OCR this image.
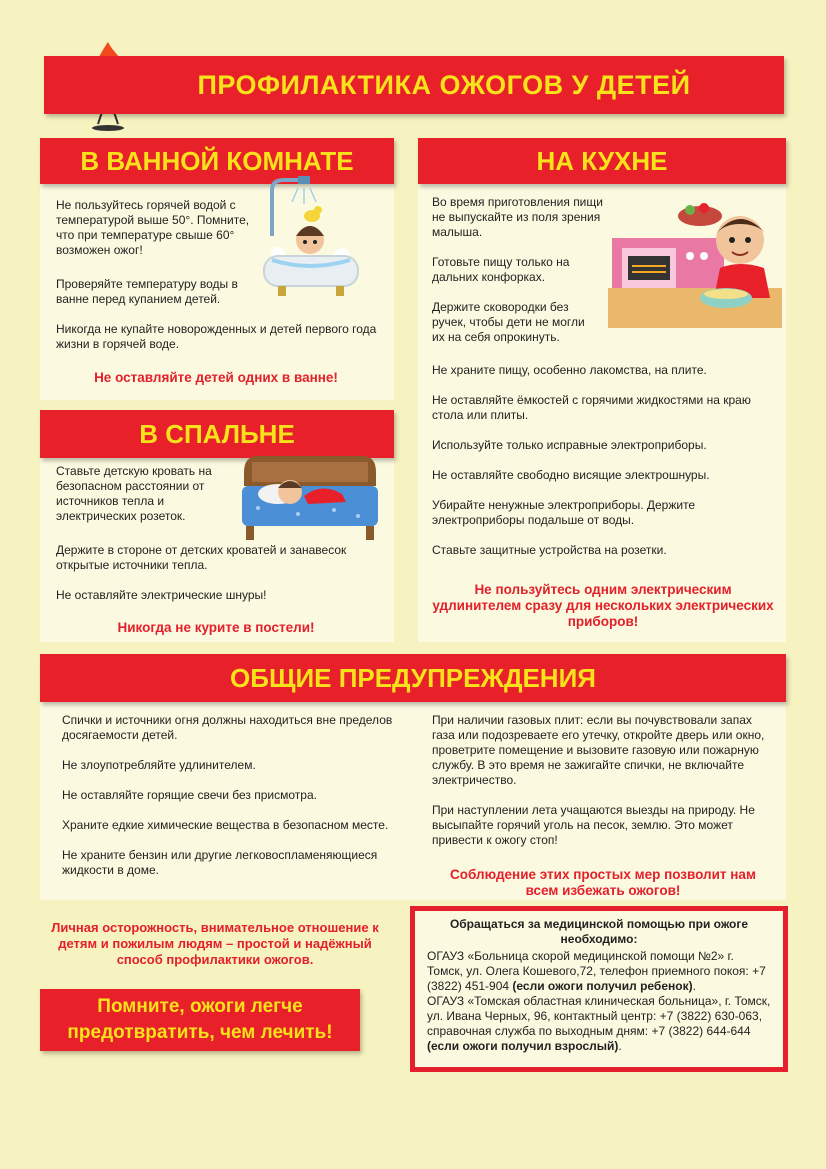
ПРОФИЛАКТИКА ОЖОГОВ У ДЕТЕЙ
В ВАННОЙ КОМНАТЕ

Не пользуйтесь горячей водой с температурой выше 50°. Помните, что при температуре свыше 60° возможен ожог!

Проверяйте температуру воды в ванне перед купанием детей.

Никогда не купайте новорожденных и детей первого года жизни в горячей воде.

Не оставляйте детей одних в ванне!
В СПАЛЬНЕ

Ставьте детскую кровать на безопасном расстоянии от источников тепла и электрических розеток.

Держите в стороне от детских кроватей и занавесок открытые источники тепла.

Не оставляйте электрические шнуры!

Никогда не курите в постели!
НА КУХНЕ

Во время приготовления пищи не выпускайте из поля зрения малыша.

Готовьте пищу только на дальних конфорках.

Держите сковородки без ручек, чтобы дети не могли их на себя опрокинуть.

Не храните пищу, особенно лакомства, на плите.

Не оставляйте ёмкостей с горячими жидкостями на краю стола или плиты.

Используйте только исправные электроприборы.

Не оставляйте свободно висящие электрошнуры.

Убирайте ненужные электроприборы. Держите электроприборы подальше от воды.

Ставьте защитные устройства на розетки.

Не пользуйтесь одним электрическим удлинителем сразу для нескольких электрических приборов!
ОБЩИЕ ПРЕДУПРЕЖДЕНИЯ

Спички и источники огня должны находиться вне пределов досягаемости детей.

Не злоупотребляйте удлинителем.

Не оставляйте горящие свечи без присмотра.

Храните едкие химические вещества в безопасном месте.

Не храните бензин или другие легковоспламеняющиеся жидкости в доме.

При наличии газовых плит: если вы почувствовали запах газа или подозреваете его утечку, откройте дверь или окно, проветрите помещение и вызовите газовую или пожарную службу. В это время не зажигайте спички, не включайте электричество.

При наступлении лета учащаются выезды на природу. Не высыпайте горячий уголь на песок, землю. Это может привести к ожогу стоп!

Соблюдение этих простых мер позволит нам всем избежать ожогов!
Личная осторожность, внимательное отношение к детям и пожилым людям – простой и надёжный способ профилактики ожогов.
Помните, ожоги легче предотвратить, чем лечить!
Обращаться за медицинской помощью при ожоге необходимо:

ОГАУЗ «Больница скорой медицинской помощи №2» г. Томск, ул. Олега Кошевого,72, телефон приемного покоя: +7 (3822) 451-904 (если ожоги получил ребенок).

ОГАУЗ «Томская областная клиническая больница», г. Томск, ул. Ивана Черных, 96, контактный центр: +7 (3822) 630-063, справочная служба по выходным дням: +7 (3822) 644-644 (если ожоги получил взрослый).
